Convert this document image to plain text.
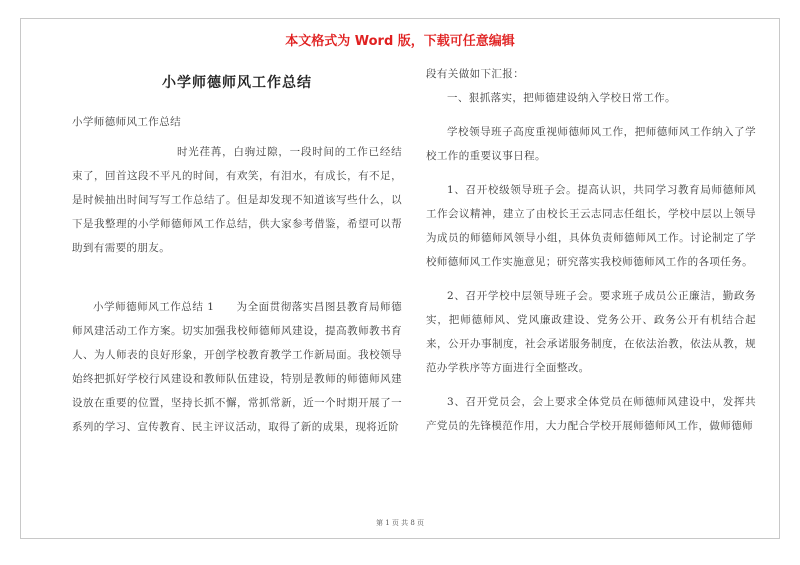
本文格式为 Word 版，下载可任意编辑
小学师德师风工作总结

小学师德师风工作总结

时光荏苒，白驹过隙，一段时间的工作已经结束了，回首这段不平凡的时间，有欢笑，有泪水，有成长，有不足，是时候抽出时间写写工作总结了。但是却发现不知道该写些什么，以下是我整理的小学师德师风工作总结，供大家参考借鉴，希望可以帮助到有需要的朋友。

小学师德师风工作总结 1　　为全面贯彻落实昌图县教育局师德师风建活动工作方案。切实加强我校师德师风建设，提高教师教书育人、为人师表的良好形象，开创学校教育教学工作新局面。我校领导始终把抓好学校行风建设和教师队伍建设，特别是教师的师德师风建设放在重要的位置，坚持长抓不懈，常抓常新，近一个时期开展了一系列的学习、宣传教育、民主评议活动，取得了新的成果，现将近阶

段有关做如下汇报：

一、狠抓落实，把师德建设纳入学校日常工作。

学校领导班子高度重视师德师风工作，把师德师风工作纳入了学校工作的重要议事日程。

1、召开校级领导班子会。提高认识，共同学习教育局师德师风工作会议精神，建立了由校长王云志同志任组长，学校中层以上领导为成员的师德师风领导小组，具体负责师德师风工作。讨论制定了学校师德师风工作实施意见；研究落实我校师德师风工作的各项任务。

2、召开学校中层领导班子会。要求班子成员公正廉洁，勤政务实，把师德师风、党风廉政建设、党务公开、政务公开有机结合起来，公开办事制度，社会承诺服务制度，在依法治教，依法从教，规范办学秩序等方面进行全面整改。

3、召开党员会，会上要求全体党员在师德师风建设中，发挥共产党员的先锋模范作用，大力配合学校开展师德师风工作，做师德师

第 1 页 共 8 页
